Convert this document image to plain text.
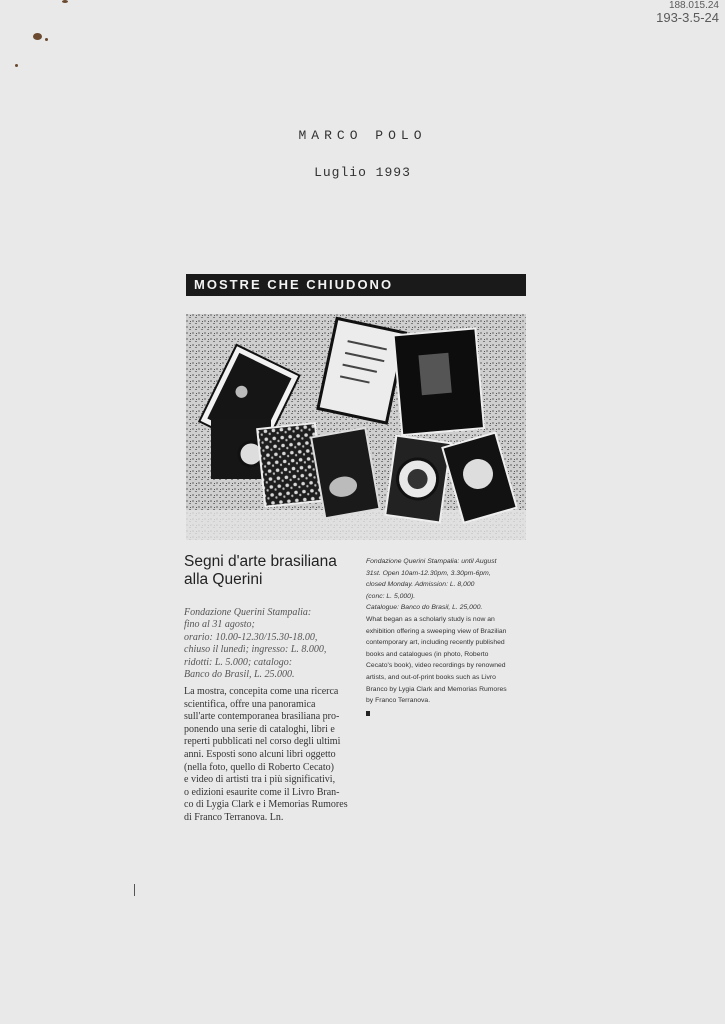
188.015.24
193-3.5-24
MARCO POLO
Luglio 1993
MOSTRE CHE CHIUDONO
Segni d'arte brasiliana alla Querini
Fondazione Querini Stampalia:
fino al 31 agosto;
orario: 10.00-12.30/15.30-18.00,
chiuso il lunedì; ingresso: L. 8.000,
ridotti: L. 5.000; catalogo:
Banco do Brasil, L. 25.000.
La mostra, concepita come una ricerca
scientifica, offre una panoramica
sull'arte contemporanea brasiliana pro-
ponendo una serie di cataloghi, libri e
reperti pubblicati nel corso degli ultimi
anni. Esposti sono alcuni libri oggetto
(nella foto, quello di Roberto Cecato)
e video di artisti tra i più significativi,
o edizioni esaurite come il Livro Bran-
co di Lygia Clark e i Memorias Rumores
di Franco Terranova. Ln.
Fondazione Querini Stampalia: until August
31st. Open 10am-12.30pm, 3.30pm-6pm,
closed Monday. Admission: L. 8,000
(conc: L. 5,000).
Catalogue: Banco do Brasil, L. 25,000.
What began as a scholarly study is now an
exhibition offering a sweeping view of Brazilian
contemporary art, including recently published
books and catalogues (in photo, Roberto
Cecato's book), video recordings by renowned
artists, and out-of-print books such as Livro
Branco by Lygia Clark and Memorias Rumores
by Franco Terranova.
